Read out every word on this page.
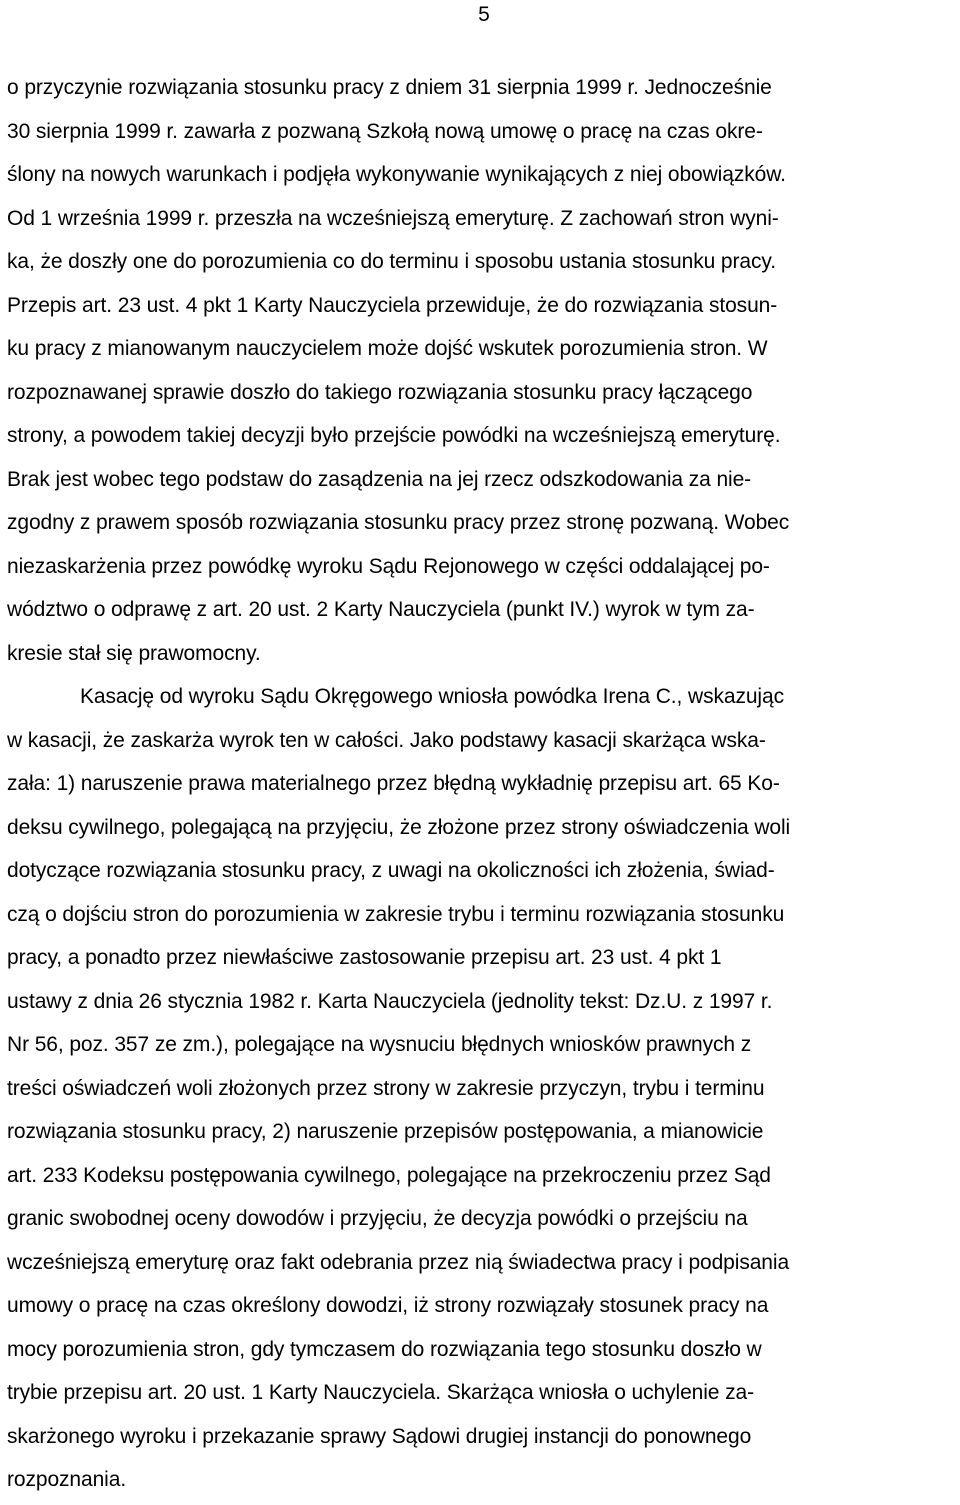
5
o przyczynie rozwiązania stosunku pracy z dniem 31 sierpnia 1999 r. Jednocześnie
30 sierpnia 1999 r. zawarła z pozwaną Szkołą nową umowę o pracę na czas okre-
ślony na nowych warunkach i podjęła wykonywanie wynikających z niej obowiązków.
Od 1 września 1999 r. przeszła na wcześniejszą emeryturę. Z zachowań stron wyni-
ka, że doszły one do porozumienia co do terminu i sposobu ustania stosunku pracy.
Przepis art. 23 ust. 4 pkt 1 Karty Nauczyciela przewiduje, że do rozwiązania stosun-
ku pracy z mianowanym nauczycielem może dojść wskutek porozumienia stron. W
rozpoznawanej sprawie doszło do takiego rozwiązania stosunku pracy łączącego
strony, a powodem takiej decyzji było przejście powódki na wcześniejszą emeryturę.
Brak jest wobec tego podstaw do zasądzenia na jej rzecz odszkodowania za nie-
zgodny z prawem sposób rozwiązania stosunku pracy przez stronę pozwaną. Wobec
niezaskarżenia przez powódkę wyroku Sądu Rejonowego w części oddalającej po-
wództwo o odprawę z art. 20 ust. 2 Karty Nauczyciela (punkt IV.) wyrok w tym za-
kresie stał się prawomocny.
Kasację od wyroku Sądu Okręgowego wniosła powódka Irena C., wskazując
w kasacji, że zaskarża wyrok ten w całości. Jako podstawy kasacji skarżąca wska-
zała: 1) naruszenie prawa materialnego przez błędną wykładnię przepisu art. 65 Ko-
deksu cywilnego, polegającą na przyjęciu, że złożone przez strony oświadczenia woli
dotyczące rozwiązania stosunku pracy, z uwagi na okoliczności ich złożenia, świad-
czą o dojściu stron do porozumienia w zakresie trybu i terminu rozwiązania stosunku
pracy, a ponadto przez niewłaściwe zastosowanie przepisu art. 23 ust. 4 pkt 1
ustawy z dnia 26 stycznia 1982 r. Karta Nauczyciela (jednolity tekst: Dz.U. z 1997 r.
Nr 56, poz. 357 ze zm.), polegające na wysnuciu błędnych wniosków prawnych z
treści oświadczeń woli złożonych przez strony w zakresie przyczyn, trybu i terminu
rozwiązania stosunku pracy, 2) naruszenie przepisów postępowania, a mianowicie
art. 233 Kodeksu postępowania cywilnego, polegające na przekroczeniu przez Sąd
granic swobodnej oceny dowodów i przyjęciu, że decyzja powódki o przejściu na
wcześniejszą emeryturę oraz fakt odebrania przez nią świadectwa pracy i podpisania
umowy o pracę na czas określony dowodzi, iż strony rozwiązały stosunek pracy na
mocy porozumienia stron, gdy tymczasem do rozwiązania tego stosunku doszło w
trybie przepisu art. 20 ust. 1 Karty Nauczyciela. Skarżąca wniosła o uchylenie za-
skarżonego wyroku i przekazanie sprawy Sądowi drugiej instancji do ponownego
rozpoznania.
